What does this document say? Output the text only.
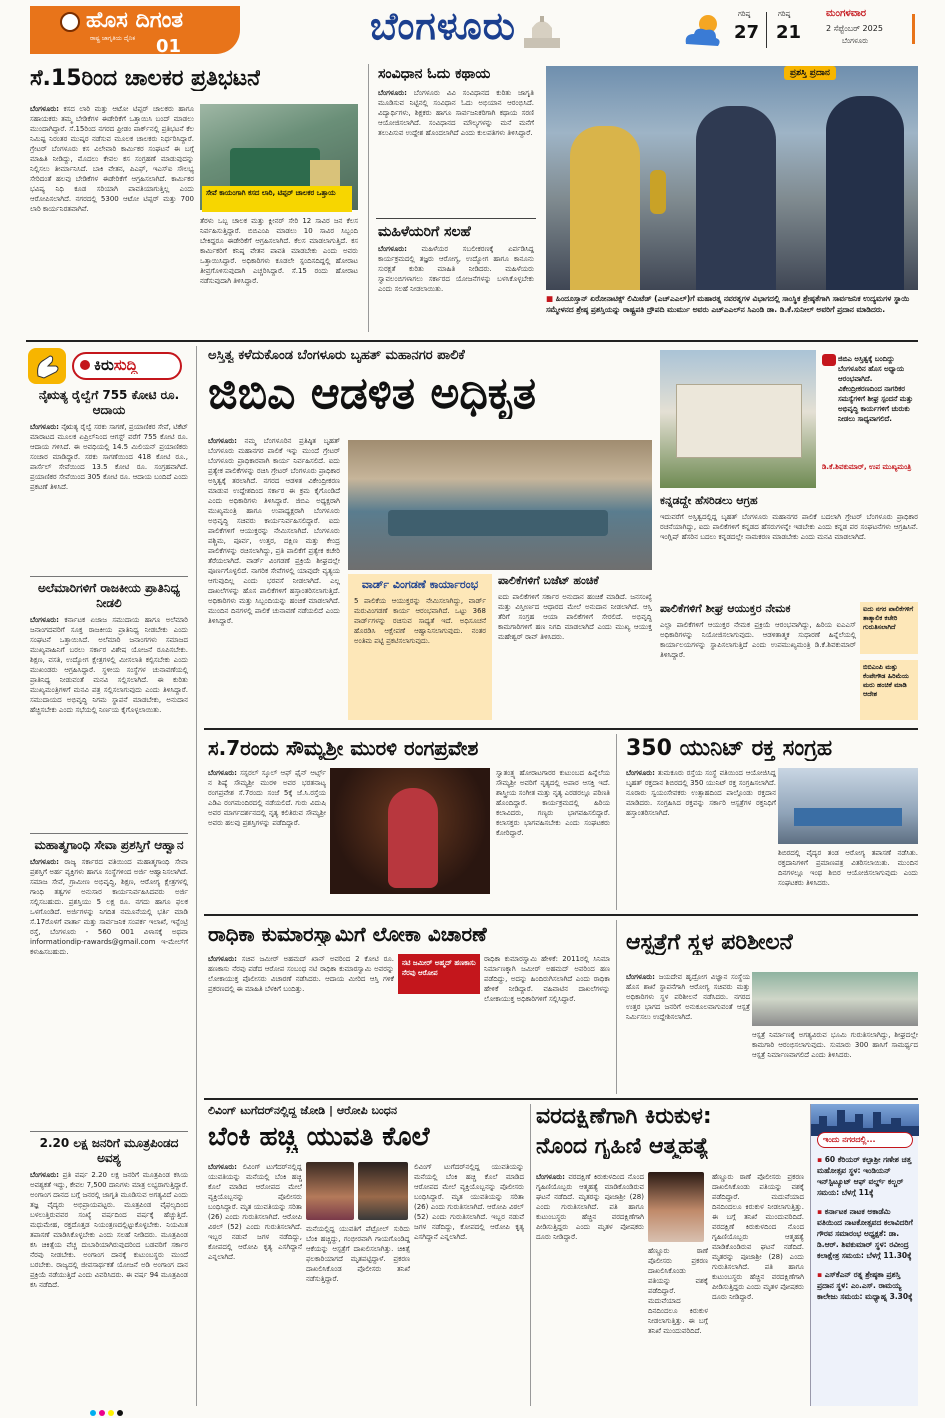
ಹೊಸ ದಿಗಂತ
ರಾಷ್ಟ್ರ ಜಾಗೃತಿಯ ದೈನಿಕ 01	ಬೆಂಗಳೂರು	ಗರಿಷ್ಠ
27
ಗರಿಷ್ಠ
21
ಮಂಗಳವಾರ
2 ಸೆಪ್ಟೆಂಬರ್ 2025
ಬೆಂಗಳೂರು
ಸೆ.15ರಿಂದ ಚಾಲಕರ ಪ್ರತಿಭಟನೆ
ಸೇವೆ ಕಾಯಂಗಾಗಿ ಕಸದ ಲಾರಿ, ಟಿಪ್ಪರ್ ಚಾಲಕರ ಒತ್ತಾಯ
ಬೆಂಗಳೂರು: ಕಸದ ಲಾರಿ ಮತ್ತು ಆಟೋ ಟಿಪ್ಪರ್ ಚಾಲಕರು ಹಾಗೂ ಸಹಾಯಕರು ತಮ್ಮ ಬೇಡಿಕೆಗಳ ಈಡೇರಿಕೆಗೆ ಒತ್ತಾಯಿಸಿ ಬಂದ್ ಮಾಡಲು ಮುಂದಾಗಿದ್ದಾರೆ. ಸೆ.15ರಿಂದ ನಗರದ ಫ್ರೀಡಂ ಪಾರ್ಕ್‌ನಲ್ಲಿ ಪ್ರತಿಭಟನೆ ಕೆಲ ನಿಮಿಷ್ಟ ನಿರಂತರ ಮುಷ್ಕರ ನಡೆಸುವ ಮೂಲಕ ಚಾಲಕರು ನಿರ್ಧರಿಸಿದ್ದಾರೆ. ಗ್ರೇಟರ್ ಬೆಂಗಳೂರು ಕಸ ವಿಲೇವಾರಿ ಕಾರ್ಮಿಕರ ಸಂಘಟನೆ ಈ ಬಗ್ಗೆ ಮಾಹಿತಿ ನೀಡಿದ್ದು, ಮೊದಲು ಕೇವಲ ಕಸ ಸಂಗ್ರಹಣೆ ಮಾಡುವುದನ್ನು ನಿಲ್ಲಿಸಲು ತೀರ್ಮಾನಿಸಿದೆ. ಬಾಕಿ ವೇತನ, ಪಿಎಫ್, ಇಎಸ್‌ಐ ಸೌಲಭ್ಯ ಸೇರಿದಂತೆ ಹಲವು ಬೇಡಿಕೆಗಳ ಈಡೇರಿಕೆಗೆ ಆಗ್ರಹಿಸಲಾಗಿದೆ. ಕಾರ್ಮಿಕರ ಭವಿಷ್ಯ ನಿಧಿ ಕೂಡ ಸರಿಯಾಗಿ ಪಾವತಿಯಾಗುತ್ತಿಲ್ಲ ಎಂದು ಆರೋಪಿಸಲಾಗಿದೆ. ನಗರದಲ್ಲಿ 5300 ಆಟೋ ಟಿಪ್ಪರ್ ಮತ್ತು 700 ಲಾರಿ ಕಾರ್ಯನಿರತವಾಗಿವೆ.
ತೆರಳು ಒಬ್ಬ ಚಾಲಕ ಮತ್ತು ಕ್ಲೀನರ್ ಸೇರಿ 12 ಸಾವಿರ ಜನ ಕೆಲಸ ನಿರ್ವಹಿಸುತ್ತಿದ್ದಾರೆ. ಬಿಬಿಎಂಪಿ ಮಾಡಲು 10 ಸಾವಿರ ಸಿಬ್ಬಂದಿ ಬೇಕಿದ್ದರೂ ಈಡೇರಿಕೆಗೆ ಆಗ್ರಹಿಸಲಾಗಿದೆ. ಕೆಲಸ ಮಾಡಲಾಗುತ್ತಿದೆ. ಕಸ ಕಾರ್ಮಿಕರಿಗೆ ಕನಿಷ್ಠ ವೇತನ ಪಾವತಿ ಮಾಡಬೇಕು ಎಂದು ಅವರು ಒತ್ತಾಯಿಸಿದ್ದಾರೆ. ಅಧಿಕಾರಿಗಳು ಕೂಡಲೇ ಸ್ಪಂದಿಸದಿದ್ದಲ್ಲಿ ಹೋರಾಟ ತೀವ್ರಗೊಳಿಸುವುದಾಗಿ ಎಚ್ಚರಿಸಿದ್ದಾರೆ. ಸೆ.15 ರಂದು ಹೋರಾಟ ನಡೆಸುವುದಾಗಿ ತಿಳಿಸಿದ್ದಾರೆ.
ಸಂವಿಧಾನ ಓದು ಕಥಾಯ
ಬೆಂಗಳೂರು: ಬೆಂಗಳೂರು ವಿವಿ ಸಂವಿಧಾನದ ಕುರಿತು ಜಾಗೃತಿ ಮೂಡಿಸುವ ನಿಟ್ಟಿನಲ್ಲಿ ಸಂವಿಧಾನ ಓದು ಅಭಿಯಾನ ಆರಂಭಿಸಿದೆ. ವಿದ್ಯಾರ್ಥಿಗಳು, ಶಿಕ್ಷಕರು ಹಾಗೂ ಸಾರ್ವಜನಿಕರಿಗಾಗಿ ಕಥಾಯ ಸರಣಿ ಆಯೋಜಿಸಲಾಗಿದೆ. ಸಂವಿಧಾನದ ಮೌಲ್ಯಗಳನ್ನು ಮನೆ ಮನೆಗೆ ತಲುಪಿಸುವ ಉದ್ದೇಶ ಹೊಂದಲಾಗಿದೆ ಎಂದು ಕುಲಪತಿಗಳು ತಿಳಿಸಿದ್ದಾರೆ.
ಮಹಿಳೆಯರಿಗೆ ಸಲಹೆ
ಬೆಂಗಳೂರು: ಮಹಿಳೆಯರ ಸಬಲೀಕರಣಕ್ಕೆ ಏರ್ಪಡಿಸಿದ್ದ ಕಾರ್ಯಕ್ರಮದಲ್ಲಿ ತಜ್ಞರು ಆರೋಗ್ಯ, ಉದ್ಯೋಗ ಹಾಗೂ ಕಾನೂನು ಸುರಕ್ಷತೆ ಕುರಿತು ಮಾಹಿತಿ ನೀಡಿದರು. ಮಹಿಳೆಯರು ಸ್ವಾವಲಂಬಿಗಳಾಗಲು ಸರ್ಕಾರದ ಯೋಜನೆಗಳನ್ನು ಬಳಸಿಕೊಳ್ಳಬೇಕು ಎಂದು ಸಲಹೆ ನೀಡಲಾಯಿತು.
ಪ್ರಶಸ್ತಿ ಪ್ರದಾನ
■ ಹಿಂದೂಸ್ತಾನ್ ಏರೋನಾಟಿಕ್ಸ್ ಲಿಮಿಟೆಡ್ (ಎಚ್‌ಎಎಲ್)ಗೆ ಮಹಾರತ್ನ ನವರತ್ನಗಳ ವಿಭಾಗದಲ್ಲಿ ಸಾಂಸ್ಥಿಕ ಶ್ರೇಷ್ಠತೆಗಾಗಿ ಸಾರ್ವಜನಿಕ ಉದ್ಯಮಗಳ ಸ್ಥಾಯಿ ಸಮ್ಮೇಳನದ ಶ್ರೇಷ್ಠ ಪ್ರಶಸ್ತಿಯನ್ನು ರಾಷ್ಟ್ರಪತಿ ದ್ರೌಪದಿ ಮುರ್ಮು ಅವರು ಎಚ್‌ಎಎಲ್‌ನ ಸಿಎಂಡಿ ಡಾ. ಡಿ.ಕೆ.ಸುನೀಲ್ ಅವರಿಗೆ ಪ್ರದಾನ ಮಾಡಿದರು.
ಕಿರುಸುದ್ದಿ
ನೈಋತ್ಯ ರೈಲ್ವೆಗೆ 755 ಕೋಟಿ ರೂ. ಆದಾಯ
ಬೆಂಗಳೂರು: ನೈಋತ್ಯ ರೈಲ್ವೆ ಸರಕು ಸಾಗಣೆ, ಪ್ರಯಾಣಿಕರ ಸೇವೆ, ಟಿಕೆಟ್ ಮಾರಾಟದ ಮೂಲಕ ಏಪ್ರಿಲ್‌ನಿಂದ ಆಗಸ್ಟ್ ವರೆಗೆ 755 ಕೋಟಿ ರೂ. ಆದಾಯ ಗಳಿಸಿದೆ. ಈ ಅವಧಿಯಲ್ಲಿ 14.5 ಮಿಲಿಯನ್ ಪ್ರಯಾಣಿಕರು ಸಂಚಾರ ಮಾಡಿದ್ದಾರೆ. ಸರಕು ಸಾಗಣೆಯಿಂದ 418 ಕೋಟಿ ರೂ., ಪಾರ್ಸೆಲ್ ಸೇವೆಯಿಂದ 13.5 ಕೋಟಿ ರೂ. ಸಂಗ್ರಹವಾಗಿದೆ. ಪ್ರಯಾಣಿಕರ ಸೇವೆಯಿಂದ 305 ಕೋಟಿ ರೂ. ಆದಾಯ ಬಂದಿದೆ ಎಂದು ಪ್ರಕಟಣೆ ತಿಳಿಸಿದೆ.
ಅಲೆಮಾರಿಗಳಿಗೆ ರಾಜಕೀಯ ಪ್ರಾತಿನಿಧ್ಯ ನೀಡಲಿ
ಬೆಂಗಳೂರು: ಕರ್ನಾಟಕ ಏಜಾಜ ಸಮುದಾಯ ಹಾಗೂ ಅಲೆಮಾರಿ ಜನಾಂಗದವರಿಗೆ ಸೂಕ್ತ ರಾಜಕೀಯ ಪ್ರಾತಿನಿಧ್ಯ ನೀಡಬೇಕು ಎಂದು ಸಂಘಟನೆ ಒತ್ತಾಯಿಸಿದೆ. ಅಲೆಮಾರಿ ಜನಾಂಗಗಳು ಸಮಾಜದ ಮುಖ್ಯವಾಹಿನಿಗೆ ಬರಲು ಸರ್ಕಾರ ವಿಶೇಷ ಯೋಜನೆ ರೂಪಿಸಬೇಕು. ಶಿಕ್ಷಣ, ವಸತಿ, ಉದ್ಯೋಗ ಕ್ಷೇತ್ರಗಳಲ್ಲಿ ಮೀಸಲಾತಿ ಕಲ್ಪಿಸಬೇಕು ಎಂದು ಮುಖಂಡರು ಆಗ್ರಹಿಸಿದ್ದಾರೆ. ಸ್ಥಳೀಯ ಸಂಸ್ಥೆಗಳ ಚುನಾವಣೆಯಲ್ಲಿ ಪ್ರಾತಿನಿಧ್ಯ ನೀಡುವಂತೆ ಮನವಿ ಸಲ್ಲಿಸಲಾಗಿದೆ. ಈ ಕುರಿತು ಮುಖ್ಯಮಂತ್ರಿಗಳಿಗೆ ಮನವಿ ಪತ್ರ ಸಲ್ಲಿಸಲಾಗುವುದು ಎಂದು ತಿಳಿಸಿದ್ದಾರೆ. ಸಮುದಾಯದ ಅಭಿವೃದ್ಧಿ ನಿಗಮ ಸ್ಥಾಪನೆ ಮಾಡಬೇಕು, ಅನುದಾನ ಹೆಚ್ಚಿಸಬೇಕು ಎಂದು ಸಭೆಯಲ್ಲಿ ನಿರ್ಣಯ ಕೈಗೊಳ್ಳಲಾಯಿತು.
ಮಹಾತ್ಮಗಾಂಧಿ ಸೇವಾ ಪ್ರಶಸ್ತಿಗೆ ಆಹ್ವಾನ
ಬೆಂಗಳೂರು: ರಾಜ್ಯ ಸರ್ಕಾರದ ವತಿಯಿಂದ ಮಹಾತ್ಮಗಾಂಧಿ ಸೇವಾ ಪ್ರಶಸ್ತಿಗೆ ಅರ್ಹ ವ್ಯಕ್ತಿಗಳು ಹಾಗೂ ಸಂಸ್ಥೆಗಳಿಂದ ಅರ್ಜಿ ಆಹ್ವಾನಿಸಲಾಗಿದೆ. ಸಮಾಜ ಸೇವೆ, ಗ್ರಾಮೀಣ ಅಭಿವೃದ್ಧಿ, ಶಿಕ್ಷಣ, ಆರೋಗ್ಯ ಕ್ಷೇತ್ರಗಳಲ್ಲಿ ಗಾಂಧಿ ತತ್ವಗಳ ಅನುಸಾರ ಕಾರ್ಯನಿರ್ವಹಿಸಿದವರು ಅರ್ಜಿ ಸಲ್ಲಿಸಬಹುದು. ಪ್ರಶಸ್ತಿಯು 5 ಲಕ್ಷ ರೂ. ನಗದು ಹಾಗೂ ಫಲಕ ಒಳಗೊಂಡಿದೆ. ಅರ್ಜಿಗಳನ್ನು ನಿಗದಿತ ನಮೂನೆಯಲ್ಲಿ ಭರ್ತಿ ಮಾಡಿ ಸೆ.17ರೊಳಗೆ ವಾರ್ತಾ ಮತ್ತು ಸಾರ್ವಜನಿಕ ಸಂಪರ್ಕ ಇಲಾಖೆ, ಇನ್ಫೆಂಟ್ರಿ ರಸ್ತೆ, ಬೆಂಗಳೂರು - 560 001 ವಿಳಾಸಕ್ಕೆ ಅಥವಾ informationdip-rawards@gmail.com ಇ-ಮೇಲ್‌ಗೆ ಕಳುಹಿಸಬಹುದು.
2.20 ಲಕ್ಷ ಜನರಿಗೆ ಮೂತ್ರಪಿಂಡದ ಅವಶ್ಯ
ಬೆಂಗಳೂರು: ಪ್ರತಿ ವರ್ಷ 2.20 ಲಕ್ಷ ಜನರಿಗೆ ಮೂತ್ರಪಿಂಡ ಕಸಿಯ ಅವಶ್ಯಕತೆ ಇದ್ದು, ಕೇವಲ 7,500 ದಾನಿಗಳು ಮಾತ್ರ ಲಭ್ಯರಾಗುತ್ತಿದ್ದಾರೆ. ಅಂಗಾಂಗ ದಾನದ ಬಗ್ಗೆ ಜನರಲ್ಲಿ ಜಾಗೃತಿ ಮೂಡಿಸುವ ಅಗತ್ಯವಿದೆ ಎಂದು ತಜ್ಞ ವೈದ್ಯರು ಅಭಿಪ್ರಾಯಪಟ್ಟರು. ಮೂತ್ರಪಿಂಡ ವೈಫಲ್ಯದಿಂದ ಬಳಲುತ್ತಿರುವವರ ಸಂಖ್ಯೆ ವರ್ಷದಿಂದ ವರ್ಷಕ್ಕೆ ಹೆಚ್ಚುತ್ತಿದೆ. ಮಧುಮೇಹ, ರಕ್ತದೊತ್ತಡ ನಿಯಂತ್ರಣದಲ್ಲಿಟ್ಟುಕೊಳ್ಳಬೇಕು. ನಿಯಮಿತ ತಪಾಸಣೆ ಮಾಡಿಸಿಕೊಳ್ಳಬೇಕು ಎಂದು ಸಲಹೆ ನೀಡಿದರು. ಮೂತ್ರಪಿಂಡ ಕಸಿ ಚಿಕಿತ್ಸೆಯ ವೆಚ್ಚ ದುಬಾರಿಯಾಗಿರುವುದರಿಂದ ಬಡವರಿಗೆ ಸರ್ಕಾರ ನೆರವು ನೀಡಬೇಕು. ಅಂಗಾಂಗ ದಾನಕ್ಕೆ ಕುಟುಂಬಸ್ಥರು ಮುಂದೆ ಬರಬೇಕು. ರಾಜ್ಯದಲ್ಲಿ ಜೀವಸಾರ್ಥಕತೆ ಯೋಜನೆ ಅಡಿ ಅಂಗಾಂಗ ದಾನ ಪ್ರಕ್ರಿಯೆ ನಡೆಯುತ್ತಿದೆ ಎಂದು ವಿವರಿಸಿದರು. ಈ ವರ್ಷ 94 ಮೂತ್ರಪಿಂಡ ಕಸಿ ನಡೆದಿದೆ.
ಅಸ್ತಿತ್ವ ಕಳೆದುಕೊಂಡ ಬೆಂಗಳೂರು ಬೃಹತ್ ಮಹಾನಗರ ಪಾಲಿಕೆ
ಜಿಬಿಎ ಆಡಳಿತ ಅಧಿಕೃತ
ಬೆಂಗಳೂರು: ನಮ್ಮ ಬೆಂಗಳೂರಿನ ಪ್ರತಿಷ್ಠಿತ ಬೃಹತ್ ಬೆಂಗಳೂರು ಮಹಾನಗರ ಪಾಲಿಕೆ ಇನ್ನು ಮುಂದೆ ಗ್ರೇಟರ್ ಬೆಂಗಳೂರು ಪ್ರಾಧಿಕಾರವಾಗಿ ಕಾರ್ಯ ನಿರ್ವಹಿಸಲಿದೆ. ಐದು ಪ್ರತ್ಯೇಕ ಪಾಲಿಕೆಗಳನ್ನು ರಚಿಸಿ ಗ್ರೇಟರ್ ಬೆಂಗಳೂರು ಪ್ರಾಧಿಕಾರ ಅಸ್ತಿತ್ವಕ್ಕೆ ತರಲಾಗಿದೆ. ನಗರದ ಆಡಳಿತ ವಿಕೇಂದ್ರೀಕರಣ ಮಾಡುವ ಉದ್ದೇಶದಿಂದ ಸರ್ಕಾರ ಈ ಕ್ರಮ ಕೈಗೊಂಡಿದೆ ಎಂದು ಅಧಿಕಾರಿಗಳು ತಿಳಿಸಿದ್ದಾರೆ. ಜಿಬಿಎ ಅಧ್ಯಕ್ಷರಾಗಿ ಮುಖ್ಯಮಂತ್ರಿ ಹಾಗೂ ಉಪಾಧ್ಯಕ್ಷರಾಗಿ ಬೆಂಗಳೂರು ಅಭಿವೃದ್ಧಿ ಸಚಿವರು ಕಾರ್ಯನಿರ್ವಹಿಸಲಿದ್ದಾರೆ. ಐದು ಪಾಲಿಕೆಗಳಿಗೆ ಆಯುಕ್ತರನ್ನು ನೇಮಿಸಲಾಗಿದೆ. ಬೆಂಗಳೂರು ಪಶ್ಚಿಮ, ಪೂರ್ವ, ಉತ್ತರ, ದಕ್ಷಿಣ ಮತ್ತು ಕೇಂದ್ರ ಪಾಲಿಕೆಗಳನ್ನು ರಚಿಸಲಾಗಿದ್ದು, ಪ್ರತಿ ಪಾಲಿಕೆಗೆ ಪ್ರತ್ಯೇಕ ಕಚೇರಿ ತೆರೆಯಲಾಗಿದೆ. ವಾರ್ಡ್ ವಿಂಗಡಣೆ ಪ್ರಕ್ರಿಯೆ ಶೀಘ್ರದಲ್ಲೇ ಪೂರ್ಣಗೊಳ್ಳಲಿದೆ. ನಾಗರಿಕ ಸೇವೆಗಳಲ್ಲಿ ಯಾವುದೇ ವ್ಯತ್ಯಯ ಆಗುವುದಿಲ್ಲ ಎಂದು ಭರವಸೆ ನೀಡಲಾಗಿದೆ. ಎಲ್ಲ ದಾಖಲೆಗಳನ್ನು ಹೊಸ ಪಾಲಿಕೆಗಳಿಗೆ ಹಸ್ತಾಂತರಿಸಲಾಗುತ್ತಿದೆ. ಅಧಿಕಾರಿಗಳು ಮತ್ತು ಸಿಬ್ಬಂದಿಯನ್ನು ಹಂಚಿಕೆ ಮಾಡಲಾಗಿದೆ. ಮುಂದಿನ ದಿನಗಳಲ್ಲಿ ಪಾಲಿಕೆ ಚುನಾವಣೆ ನಡೆಯಲಿದೆ ಎಂದು ತಿಳಿಸಿದ್ದಾರೆ.
ಜಿಬಿಎ ಅಸ್ತಿತ್ವಕ್ಕೆ ಬಂದಿದ್ದು ಬೆಂಗಳೂರಿನ ಹೊಸ ಅಧ್ಯಾಯ ಆರಂಭವಾಗಿದೆ. ವಿಕೇಂದ್ರೀಕರಣದಿಂದ ನಾಗರಿಕರ ಸಮಸ್ಯೆಗಳಿಗೆ ಶೀಘ್ರ ಸ್ಪಂದನೆ ಮತ್ತು ಅಭಿವೃದ್ಧಿ ಕಾರ್ಯಗಳಿಗೆ ಚುರುಕು ನೀಡಲು ಸಾಧ್ಯವಾಗಲಿದೆ.
ಡಿ.ಕೆ.ಶಿವಕುಮಾರ್, ಉಪ ಮುಖ್ಯಮಂತ್ರಿ
ವಾರ್ಡ್ ವಿಂಗಡಣೆ ಕಾರ್ಯಾರಂಭ
5 ಪಾಲಿಕೆಯ ಆಯುಕ್ತರನ್ನು ನೇಮಿಸಲಾಗಿದ್ದು, ವಾರ್ಡ್ ಮರುವಿಂಗಡಣೆ ಕಾರ್ಯ ಆರಂಭವಾಗಿದೆ. ಒಟ್ಟು 368 ವಾರ್ಡ್‌ಗಳನ್ನು ರಚಿಸುವ ಸಾಧ್ಯತೆ ಇದೆ. ಅಧಿಸೂಚನೆ ಹೊರಡಿಸಿ ಆಕ್ಷೇಪಣೆ ಆಹ್ವಾನಿಸಲಾಗುವುದು. ನಂತರ ಅಂತಿಮ ಪಟ್ಟಿ ಪ್ರಕಟಿಸಲಾಗುವುದು.
ಪಾಲಿಕೆಗಳಿಗೆ ಬಜೆಟ್ ಹಂಚಿಕೆ
ಐದು ಪಾಲಿಕೆಗಳಿಗೆ ಸರ್ಕಾರ ಅನುದಾನ ಹಂಚಿಕೆ ಮಾಡಿದೆ. ಜನಸಂಖ್ಯೆ ಮತ್ತು ವಿಸ್ತೀರ್ಣದ ಆಧಾರದ ಮೇಲೆ ಅನುದಾನ ನೀಡಲಾಗಿದೆ. ಆಸ್ತಿ ತೆರಿಗೆ ಸಂಗ್ರಹ ಆಯಾ ಪಾಲಿಕೆಗಳಿಗೆ ಸೇರಲಿದೆ. ಅಭಿವೃದ್ಧಿ ಕಾಮಗಾರಿಗಳಿಗೆ ಹಣ ನಿಗದಿ ಮಾಡಲಾಗಿದೆ ಎಂದು ಮುಖ್ಯ ಆಯುಕ್ತ ಮಹೇಶ್ವರ್ ರಾವ್ ತಿಳಿಸಿದರು.
ಕನ್ನಡದ್ದೇ ಹೆಸರಿಡಲು ಆಗ್ರಹ
ಇದುವರೆಗೆ ಅಸ್ತಿತ್ವದಲ್ಲಿದ್ದ ಬೃಹತ್ ಬೆಂಗಳೂರು ಮಹಾನಗರ ಪಾಲಿಕೆ ಬದಲಾಗಿ ಗ್ರೇಟರ್ ಬೆಂಗಳೂರು ಪ್ರಾಧಿಕಾರ ರಚನೆಯಾಗಿದ್ದು, ಐದು ಪಾಲಿಕೆಗಳಿಗೆ ಕನ್ನಡದ ಹೆಸರುಗಳನ್ನೇ ಇಡಬೇಕು ಎಂದು ಕನ್ನಡ ಪರ ಸಂಘಟನೆಗಳು ಆಗ್ರಹಿಸಿವೆ. ಇಂಗ್ಲಿಷ್ ಹೆಸರಿನ ಬದಲು ಕನ್ನಡದಲ್ಲೇ ನಾಮಕರಣ ಮಾಡಬೇಕು ಎಂದು ಮನವಿ ಮಾಡಲಾಗಿದೆ.
ಪಾಲಿಕೆಗಳಿಗೆ ಶೀಘ್ರ ಆಯುಕ್ತರ ನೇಮಕ
ಎಲ್ಲಾ ಪಾಲಿಕೆಗಳಿಗೆ ಆಯುಕ್ತರ ನೇಮಕ ಪ್ರಕ್ರಿಯೆ ಆರಂಭವಾಗಿದ್ದು, ಹಿರಿಯ ಐಎಎಸ್ ಅಧಿಕಾರಿಗಳನ್ನು ನಿಯೋಜಿಸಲಾಗುವುದು. ಆಡಳಿತಾತ್ಮಕ ಸುಧಾರಣೆ ಹಿನ್ನೆಲೆಯಲ್ಲಿ ಕಾರ್ಯಾಲಯಗಳನ್ನು ಸ್ಥಾಪಿಸಲಾಗುತ್ತಿದೆ ಎಂದು ಉಪಮುಖ್ಯಮಂತ್ರಿ ಡಿ.ಕೆ.ಶಿವಕುಮಾರ್ ತಿಳಿಸಿದ್ದಾರೆ.
ಐದು ನಗರ ಪಾಲಿಕೆಗಳಿಗೆ ತಾತ್ಕಾಲಿಕ ಕಚೇರಿ ಗುರುತಿಸಲಾಗಿದೆ
ಬಿಬಿಎಂಪಿ ಮತ್ತು ಕೆಂಪೇಗೌಡ ಹಿರಿಮೆಯ ಮರು ಹಂಚಿಕೆ ಮಾಡಿ ಆದೇಶ
ಸ.7ರಂದು ಸೌಮ್ಯಶ್ರೀ ಮುರಳಿ ರಂಗಪ್ರವೇಶ
ಬೆಂಗಳೂರು: ಸಸ್ಪರಲ್ ಸ್ಕೂಲ್ ಆಫ್ ಫೈನ್ ಆರ್ಟ್ಸ್ ನ ಶಿಷ್ಯೆ ಸೌಮ್ಯಶ್ರೀ ಮುರಳಿ ಅವರ ಭರತನಾಟ್ಯ ರಂಗಪ್ರವೇಶ ಸೆ.7ರಂದು ಸಂಜೆ 5ಕ್ಕೆ ಜೆ.ಸಿ.ರಸ್ತೆಯ ಎಡಿಎ ರಂಗಮಂದಿರದಲ್ಲಿ ನಡೆಯಲಿದೆ. ಗುರು ವಿದುಷಿ ಅವರ ಮಾರ್ಗದರ್ಶನದಲ್ಲಿ ನೃತ್ಯ ಕಲಿತಿರುವ ಸೌಮ್ಯಶ್ರೀ ಅವರು ಹಲವು ಪ್ರಶಸ್ತಿಗಳನ್ನು ಪಡೆದಿದ್ದಾರೆ.
ಸ್ವಾತಂತ್ರ್ಯ ಹೋರಾಟಗಾರರ ಕುಟುಂಬದ ಹಿನ್ನೆಲೆಯ ಸೌಮ್ಯಶ್ರೀ ಅವರಿಗೆ ನೃತ್ಯದಲ್ಲಿ ಅಪಾರ ಆಸಕ್ತಿ ಇದೆ. ಶಾಸ್ತ್ರೀಯ ಸಂಗೀತ ಮತ್ತು ನೃತ್ಯ ಎರಡರಲ್ಲೂ ಪರಿಣತಿ ಹೊಂದಿದ್ದಾರೆ. ಕಾರ್ಯಕ್ರಮದಲ್ಲಿ ಹಿರಿಯ ಕಲಾವಿದರು, ಗಣ್ಯರು ಭಾಗವಹಿಸಲಿದ್ದಾರೆ. ಕಲಾಸಕ್ತರು ಭಾಗವಹಿಸಬೇಕು ಎಂದು ಸಂಘಟಕರು ಕೋರಿದ್ದಾರೆ.
350 ಯುನಿಟ್ ರಕ್ತ ಸಂಗ್ರಹ
ಬೆಂಗಳೂರು: ತುಮಕೂರು ರಸ್ತೆಯ ಸಂಸ್ಥೆ ವತಿಯಿಂದ ಆಯೋಜಿಸಿದ್ದ ಬೃಹತ್ ರಕ್ತದಾನ ಶಿಬಿರದಲ್ಲಿ 350 ಯುನಿಟ್ ರಕ್ತ ಸಂಗ್ರಹಿಸಲಾಗಿದೆ. ನೂರಾರು ಸ್ವಯಂಸೇವಕರು ಉತ್ಸಾಹದಿಂದ ಪಾಲ್ಗೊಂಡು ರಕ್ತದಾನ ಮಾಡಿದರು. ಸಂಗ್ರಹಿಸಿದ ರಕ್ತವನ್ನು ಸರ್ಕಾರಿ ಆಸ್ಪತ್ರೆಗಳ ರಕ್ತನಿಧಿಗೆ ಹಸ್ತಾಂತರಿಸಲಾಗಿದೆ.
ಶಿಬಿರದಲ್ಲಿ ವೈದ್ಯರ ತಂಡ ಆರೋಗ್ಯ ತಪಾಸಣೆ ನಡೆಸಿತು. ರಕ್ತದಾನಿಗಳಿಗೆ ಪ್ರಮಾಣಪತ್ರ ವಿತರಿಸಲಾಯಿತು. ಮುಂದಿನ ದಿನಗಳಲ್ಲೂ ಇಂಥ ಶಿಬಿರ ಆಯೋಜಿಸಲಾಗುವುದು ಎಂದು ಸಂಘಟಕರು ತಿಳಿಸಿದರು.
ರಾಧಿಕಾ ಕುಮಾರಸ್ವಾಮಿಗೆ ಲೋಕಾ ವಿಚಾರಣೆ
ಬೆಂಗಳೂರು: ಸಚಿವ ಜಮೀರ್ ಅಹಮದ್ ಖಾನ್ ಅವರಿಂದ 2 ಕೋಟಿ ರೂ. ಹಣಕಾಸು ನೆರವು ಪಡೆದ ಆರೋಪ ಸಂಬಂಧ ನಟಿ ರಾಧಿಕಾ ಕುಮಾರಸ್ವಾಮಿ ಅವರನ್ನು ಲೋಕಾಯುಕ್ತ ಪೊಲೀಸರು ವಿಚಾರಣೆ ನಡೆಸಿದರು. ಆದಾಯ ಮೀರಿದ ಆಸ್ತಿ ಗಳಿಕೆ ಪ್ರಕರಣದಲ್ಲಿ ಈ ಮಾಹಿತಿ ಬೆಳಕಿಗೆ ಬಂದಿತ್ತು.
ನಟಿ ಜಮೀರ್ ಅಹ್ಮದ್ ಹಣಕಾಸು ನೆರವು ಆರೋಪ
ರಾಧಿಕಾ ಕುಮಾರಸ್ವಾಮಿ ಹೇಳಿಕೆ: 2011ರಲ್ಲಿ ಸಿನಿಮಾ ನಿರ್ಮಾಣಕ್ಕಾಗಿ ಜಮೀರ್ ಅಹಮದ್ ಅವರಿಂದ ಹಣ ಪಡೆದಿದ್ದು, ಅದನ್ನು ಹಿಂದಿರುಗಿಸಲಾಗಿದೆ ಎಂದು ರಾಧಿಕಾ ಹೇಳಿಕೆ ನೀಡಿದ್ದಾರೆ. ವಹಿವಾಟಿನ ದಾಖಲೆಗಳನ್ನು ಲೋಕಾಯುಕ್ತ ಅಧಿಕಾರಿಗಳಿಗೆ ಸಲ್ಲಿಸಿದ್ದಾರೆ.
ಆಸ್ಪತ್ರೆಗೆ ಸ್ಥಳ ಪರಿಶೀಲನೆ
ಬೆಂಗಳೂರು: ಜಯದೇವ ಹೃದ್ರೋಗ ವಿಜ್ಞಾನ ಸಂಸ್ಥೆಯ ಹೊಸ ಶಾಖೆ ಸ್ಥಾಪನೆಗಾಗಿ ಆರೋಗ್ಯ ಸಚಿವರು ಮತ್ತು ಅಧಿಕಾರಿಗಳು ಸ್ಥಳ ಪರಿಶೀಲನೆ ನಡೆಸಿದರು. ನಗರದ ಉತ್ತರ ಭಾಗದ ಜನರಿಗೆ ಅನುಕೂಲವಾಗುವಂತೆ ಆಸ್ಪತ್ರೆ ನಿರ್ಮಿಸಲು ಉದ್ದೇಶಿಸಲಾಗಿದೆ.
ಆಸ್ಪತ್ರೆ ನಿರ್ಮಾಣಕ್ಕೆ ಅಗತ್ಯವಿರುವ ಭೂಮಿ ಗುರುತಿಸಲಾಗಿದ್ದು, ಶೀಘ್ರದಲ್ಲೇ ಕಾಮಗಾರಿ ಆರಂಭಿಸಲಾಗುವುದು. ಸುಮಾರು 300 ಹಾಸಿಗೆ ಸಾಮರ್ಥ್ಯದ ಆಸ್ಪತ್ರೆ ನಿರ್ಮಾಣವಾಗಲಿದೆ ಎಂದು ತಿಳಿಸಿದರು.
ಲಿವಿಂಗ್ ಟುಗೆದರ್‌ನಲ್ಲಿದ್ದ ಜೋಡಿ | ಆರೋಪಿ ಬಂಧನ
ಬೆಂಕಿ ಹಚ್ಚಿ ಯುವತಿ ಕೊಲೆ
ಬೆಂಗಳೂರು: ಲಿವಿಂಗ್ ಟುಗೆದರ್‌ನಲ್ಲಿದ್ದ ಯುವತಿಯನ್ನು ಮನೆಯಲ್ಲಿ ಬೆಂಕಿ ಹಚ್ಚಿ ಕೊಲೆ ಮಾಡಿದ ಆರೋಪದ ಮೇಲೆ ವ್ಯಕ್ತಿಯೊಬ್ಬನನ್ನು ಪೊಲೀಸರು ಬಂಧಿಸಿದ್ದಾರೆ. ಮೃತ ಯುವತಿಯನ್ನು ಸರಿತಾ (26) ಎಂದು ಗುರುತಿಸಲಾಗಿದೆ. ಆರೋಪಿ ವಿಠಲ್ (52) ಎಂದು ಗುರುತಿಸಲಾಗಿದೆ. ಇಬ್ಬರ ನಡುವೆ ಜಗಳ ನಡೆದಿದ್ದು, ಕೋಪದಲ್ಲಿ ಆರೋಪಿ ಕೃತ್ಯ ಎಸಗಿದ್ದಾನೆ ಎನ್ನಲಾಗಿದೆ.
ಮನೆಯಲ್ಲಿದ್ದ ಯುವತಿಗೆ ಪೆಟ್ರೋಲ್ ಸುರಿದು ಬೆಂಕಿ ಹಚ್ಚಿದ್ದು, ಗಂಭೀರವಾಗಿ ಗಾಯಗೊಂಡಿದ್ದ ಆಕೆಯನ್ನು ಆಸ್ಪತ್ರೆಗೆ ದಾಖಲಿಸಲಾಗಿತ್ತು. ಚಿಕಿತ್ಸೆ ಫಲಕಾರಿಯಾಗದೆ ಮೃತಪಟ್ಟಿದ್ದಾಳೆ. ಪ್ರಕರಣ ದಾಖಲಿಸಿಕೊಂಡ ಪೊಲೀಸರು ತನಿಖೆ ನಡೆಸುತ್ತಿದ್ದಾರೆ.
ಲಿವಿಂಗ್ ಟುಗೆದರ್‌ನಲ್ಲಿದ್ದ ಯುವತಿಯನ್ನು ಮನೆಯಲ್ಲಿ ಬೆಂಕಿ ಹಚ್ಚಿ ಕೊಲೆ ಮಾಡಿದ ಆರೋಪದ ಮೇಲೆ ವ್ಯಕ್ತಿಯೊಬ್ಬನನ್ನು ಪೊಲೀಸರು ಬಂಧಿಸಿದ್ದಾರೆ. ಮೃತ ಯುವತಿಯನ್ನು ಸರಿತಾ (26) ಎಂದು ಗುರುತಿಸಲಾಗಿದೆ. ಆರೋಪಿ ವಿಠಲ್ (52) ಎಂದು ಗುರುತಿಸಲಾಗಿದೆ. ಇಬ್ಬರ ನಡುವೆ ಜಗಳ ನಡೆದಿದ್ದು, ಕೋಪದಲ್ಲಿ ಆರೋಪಿ ಕೃತ್ಯ ಎಸಗಿದ್ದಾನೆ ಎನ್ನಲಾಗಿದೆ.
ವರದಕ್ಷಿಣೆಗಾಗಿ ಕಿರುಕುಳ:
ನೊಂದ ಗೃಹಿಣಿ ಆತ್ಮಹತ್ಯೆ
ಬೆಂಗಳೂರು: ವರದಕ್ಷಿಣೆ ಕಿರುಕುಳದಿಂದ ನೊಂದ ಗೃಹಿಣಿಯೊಬ್ಬರು ಆತ್ಮಹತ್ಯೆ ಮಾಡಿಕೊಂಡಿರುವ ಘಟನೆ ನಡೆದಿದೆ. ಮೃತರನ್ನು ಪೂಜಾಶ್ರೀ (28) ಎಂದು ಗುರುತಿಸಲಾಗಿದೆ. ಪತಿ ಹಾಗೂ ಕುಟುಂಬಸ್ಥರು ಹೆಚ್ಚಿನ ವರದಕ್ಷಿಣೆಗಾಗಿ ಪೀಡಿಸುತ್ತಿದ್ದರು ಎಂದು ಮೃತಳ ಪೋಷಕರು ದೂರು ನೀಡಿದ್ದಾರೆ.
ಹೆಣ್ಣೂರು ಠಾಣೆ ಪೊಲೀಸರು ಪ್ರಕರಣ ದಾಖಲಿಸಿಕೊಂಡು ಪತಿಯನ್ನು ವಶಕ್ಕೆ ಪಡೆದಿದ್ದಾರೆ. ಮದುವೆಯಾದ ದಿನದಿಂದಲೂ ಕಿರುಕುಳ ನೀಡಲಾಗುತ್ತಿತ್ತು. ಈ ಬಗ್ಗೆ ತನಿಖೆ ಮುಂದುವರಿದಿದೆ.
ಹೆಣ್ಣೂರು ಠಾಣೆ ಪೊಲೀಸರು ಪ್ರಕರಣ ದಾಖಲಿಸಿಕೊಂಡು ಪತಿಯನ್ನು ವಶಕ್ಕೆ ಪಡೆದಿದ್ದಾರೆ. ಮದುವೆಯಾದ ದಿನದಿಂದಲೂ ಕಿರುಕುಳ ನೀಡಲಾಗುತ್ತಿತ್ತು. ಈ ಬಗ್ಗೆ ತನಿಖೆ ಮುಂದುವರಿದಿದೆ. ವರದಕ್ಷಿಣೆ ಕಿರುಕುಳದಿಂದ ನೊಂದ ಗೃಹಿಣಿಯೊಬ್ಬರು ಆತ್ಮಹತ್ಯೆ ಮಾಡಿಕೊಂಡಿರುವ ಘಟನೆ ನಡೆದಿದೆ. ಮೃತರನ್ನು ಪೂಜಾಶ್ರೀ (28) ಎಂದು ಗುರುತಿಸಲಾಗಿದೆ. ಪತಿ ಹಾಗೂ ಕುಟುಂಬಸ್ಥರು ಹೆಚ್ಚಿನ ವರದಕ್ಷಿಣೆಗಾಗಿ ಪೀಡಿಸುತ್ತಿದ್ದರು ಎಂದು ಮೃತಳ ಪೋಷಕರು ದೂರು ನೀಡಿದ್ದಾರೆ.
ಇಂದು ನಗರದಲ್ಲಿ...
▪ 60 ಕೆರಿಯರ್ ಕಲ್ಪಾಶ್ರೀ ಗಣೇಶ ಚತ್ತ ಮಹೋತ್ಸವ ಸ್ಥಳ: ಇಂಡಿಯನ್ ಇನ್‌ಸ್ಟಿಟ್ಯೂಟ್ ಆಫ್ ವರ್ಲ್ಡ್ ಕಲ್ಚರ್ ಸಮಯ: ಬೆಳಗ್ಗೆ 11ಕ್ಕೆ
▪ ಕರ್ನಾಟಕ ನಾಟಕ ಅಕಾಡೆಮಿ ವತಿಯಿಂದ ನಾಟಕೋತ್ಸವದ ಕಲಾವಿದರಿಗೆ ಗೌರವ ಸಮಾರಂಭ ಅಧ್ಯಕ್ಷತೆ: ಡಾ. ಡಿ.ಆರ್. ಶಿವಕುಮಾರ್ ಸ್ಥಳ: ರವೀಂದ್ರ ಕಲಾಕ್ಷೇತ್ರ ಸಮಯ: ಬೆಳಗ್ಗೆ 11.30ಕ್ಕೆ
▪ ಎಸ್‌ಕೆಎನ್ ರತ್ನ ಶ್ರೇಷ್ಠತಾ ಪ್ರಶಸ್ತಿ ಪ್ರದಾನ ಸ್ಥಳ: ಎಂ.ಎಸ್. ರಾಮಯ್ಯ ಕಾಲೇಜು ಸಮಯ: ಮಧ್ಯಾಹ್ನ 3.30ಕ್ಕೆ
